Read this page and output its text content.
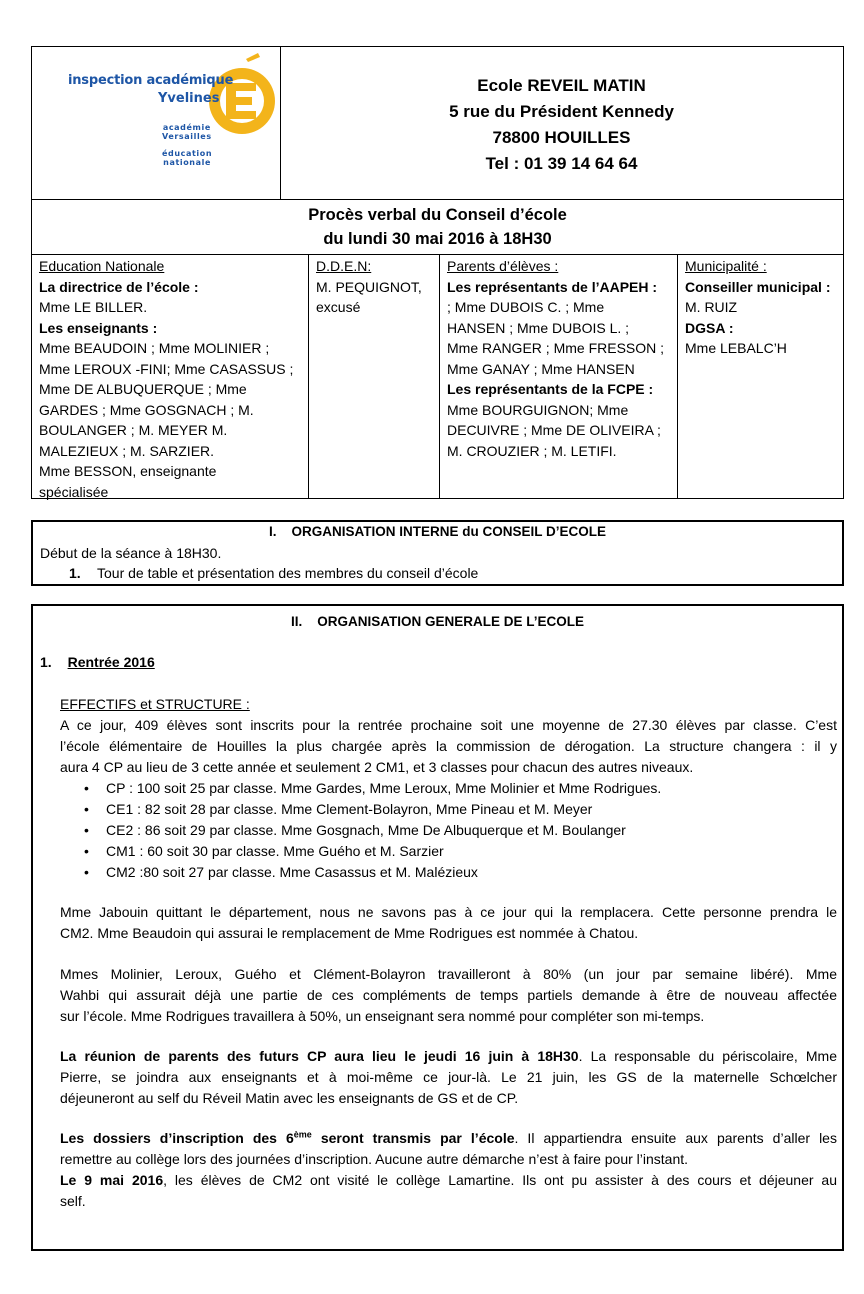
inspection académique
Yvelines
académie
Versailles
éducation
nationale
Ecole REVEIL MATIN
5 rue du Président Kennedy
78800 HOUILLES
Tel : 01 39 14 64 64
Procès verbal du Conseil d’école
du lundi 30 mai 2016 à 18H30
Education Nationale
La directrice de l’école :
Mme LE BILLER.
Les enseignants :
Mme BEAUDOIN ; Mme MOLINIER ;
Mme LEROUX -FINI; Mme CASASSUS ;
Mme DE ALBUQUERQUE ; Mme
GARDES ; Mme GOSGNACH ; M.
BOULANGER ; M. MEYER M.
MALEZIEUX ; M. SARZIER.
Mme BESSON, enseignante
spécialisée
D.D.E.N:
M. PEQUIGNOT,
excusé
Parents d’élèves :
Les représentants de l’AAPEH :
; Mme DUBOIS C. ; Mme
HANSEN ; Mme DUBOIS L. ;
Mme RANGER ; Mme FRESSON ;
Mme GANAY ; Mme HANSEN
Les représentants de la FCPE :
Mme BOURGUIGNON; Mme
DECUIVRE ; Mme DE OLIVEIRA ;
M. CROUZIER ; M. LETIFI.
Municipalité :
Conseiller municipal :
M. RUIZ
DGSA :
Mme LEBALC’H
I.    ORGANISATION INTERNE du CONSEIL D’ECOLE
Début de la séance à 18H30.
1. Tour de table et présentation des membres du conseil d’école
II.    ORGANISATION GENERALE DE L’ECOLE
1. Rentrée 2016
EFFECTIFS et STRUCTURE :
A ce jour, 409 élèves sont inscrits pour la rentrée prochaine soit une moyenne de 27.30 élèves par classe. C’est
l’école élémentaire de Houilles la plus chargée après la commission de dérogation. La structure changera : il y
aura 4 CP au lieu de 3 cette année et seulement 2 CM1, et 3 classes pour chacun des autres niveaux.
• CP : 100 soit 25 par classe. Mme Gardes, Mme Leroux, Mme Molinier et Mme Rodrigues.
• CE1 : 82 soit 28 par classe. Mme Clement-Bolayron, Mme Pineau et M. Meyer
• CE2 : 86 soit 29 par classe. Mme Gosgnach, Mme De Albuquerque et M. Boulanger
• CM1 : 60 soit 30 par classe. Mme Guého et M. Sarzier
• CM2 :80 soit 27 par classe. Mme Casassus et M. Malézieux
Mme Jabouin quittant le département, nous ne savons pas à ce jour qui la remplacera. Cette personne prendra le
CM2. Mme Beaudoin qui assurai le remplacement de Mme Rodrigues est nommée à Chatou.
Mmes Molinier, Leroux, Guého et Clément-Bolayron travailleront à 80% (un jour par semaine libéré). Mme
Wahbi qui assurait déjà une partie de ces compléments de temps partiels demande à être de nouveau affectée
sur l’école. Mme Rodrigues travaillera à 50%, un enseignant sera nommé pour compléter son mi-temps.
La réunion de parents des futurs CP aura lieu le jeudi 16 juin à 18H30. La responsable du périscolaire, Mme
Pierre, se joindra aux enseignants et à moi-même ce jour-là. Le 21 juin, les GS de la maternelle Schœlcher
déjeuneront au self du Réveil Matin avec les enseignants de GS et de CP.
Les dossiers d’inscription des 6ème seront transmis par l’école. Il appartiendra ensuite aux parents d’aller les
remettre au collège lors des journées d’inscription. Aucune autre démarche n’est à faire pour l’instant.
Le 9 mai 2016, les élèves de CM2 ont visité le collège Lamartine. Ils ont pu assister à des cours et déjeuner au
self.
